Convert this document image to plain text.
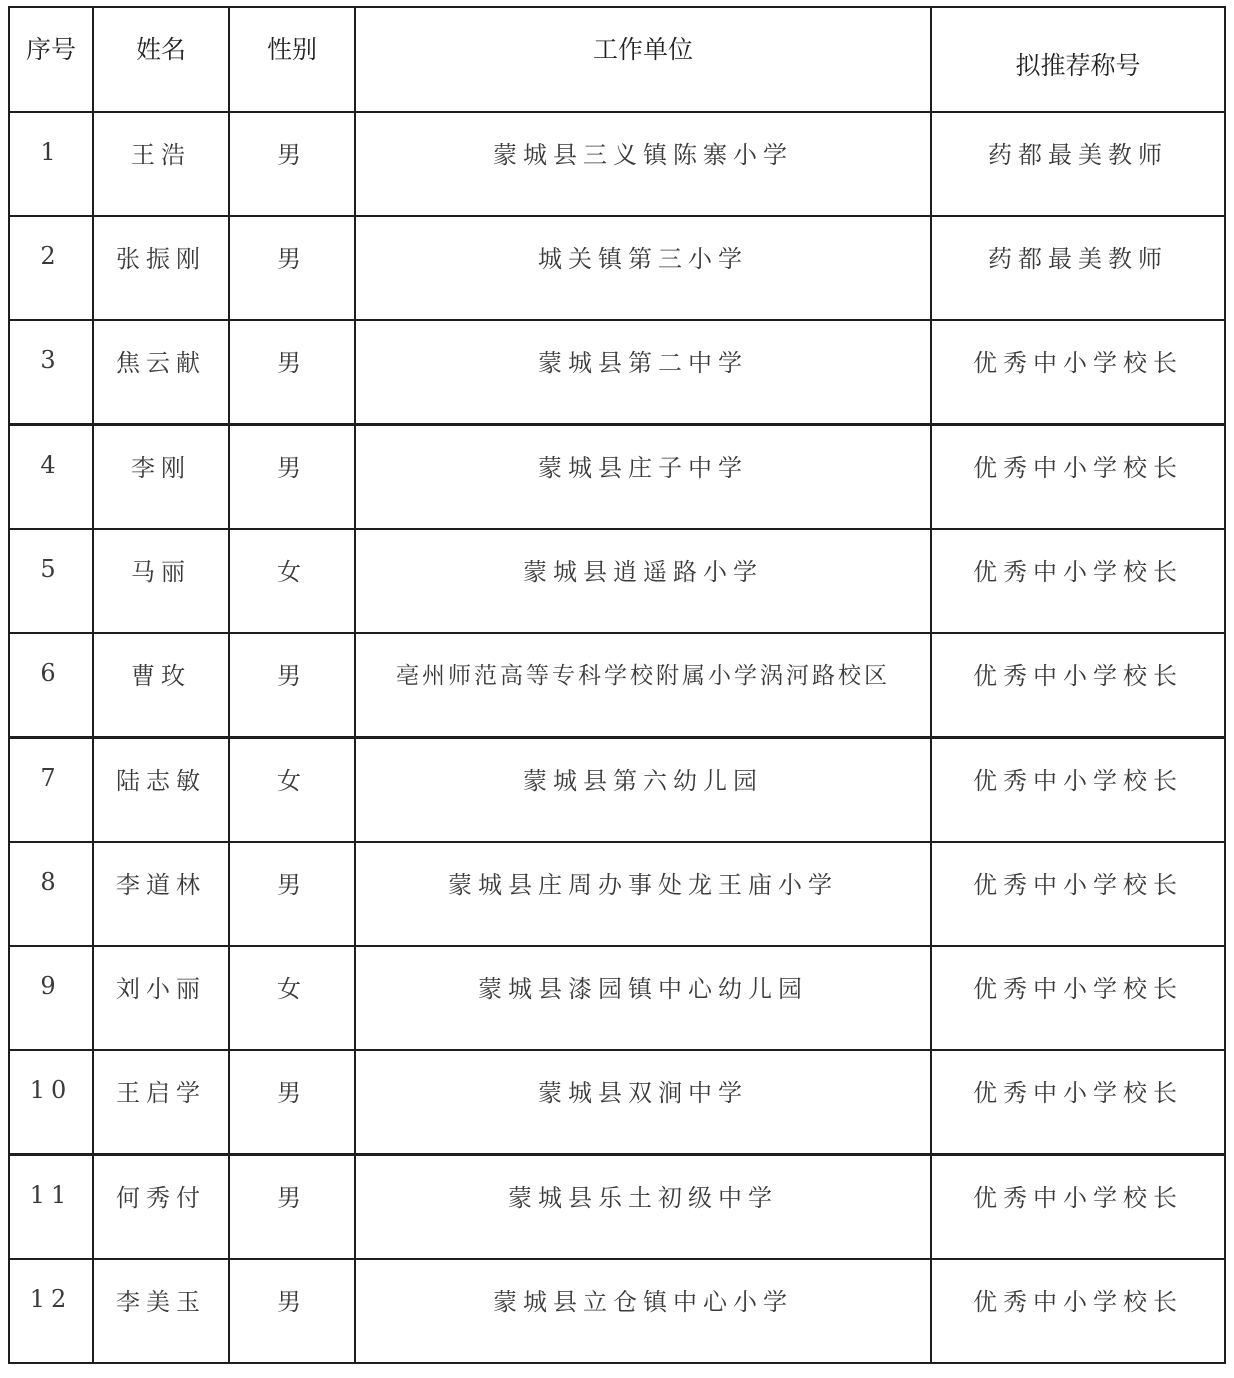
序号	姓名	性别	工作单位	拟推荐称号

1	王浩	男	蒙城县三义镇陈寨小学	药都最美教师
2	张振刚	男	城关镇第三小学	药都最美教师
3	焦云献	男	蒙城县第二中学	优秀中小学校长
4	李刚	男	蒙城县庄子中学	优秀中小学校长
5	马丽	女	蒙城县逍遥路小学	优秀中小学校长
6	曹玫	男	亳州师范高等专科学校附属小学涡河路校区	优秀中小学校长
7	陆志敏	女	蒙城县第六幼儿园	优秀中小学校长
8	李道林	男	蒙城县庄周办事处龙王庙小学	优秀中小学校长
9	刘小丽	女	蒙城县漆园镇中心幼儿园	优秀中小学校长
10	王启学	男	蒙城县双涧中学	优秀中小学校长
11	何秀付	男	蒙城县乐土初级中学	优秀中小学校长
12	李美玉	男	蒙城县立仓镇中心小学	优秀中小学校长
